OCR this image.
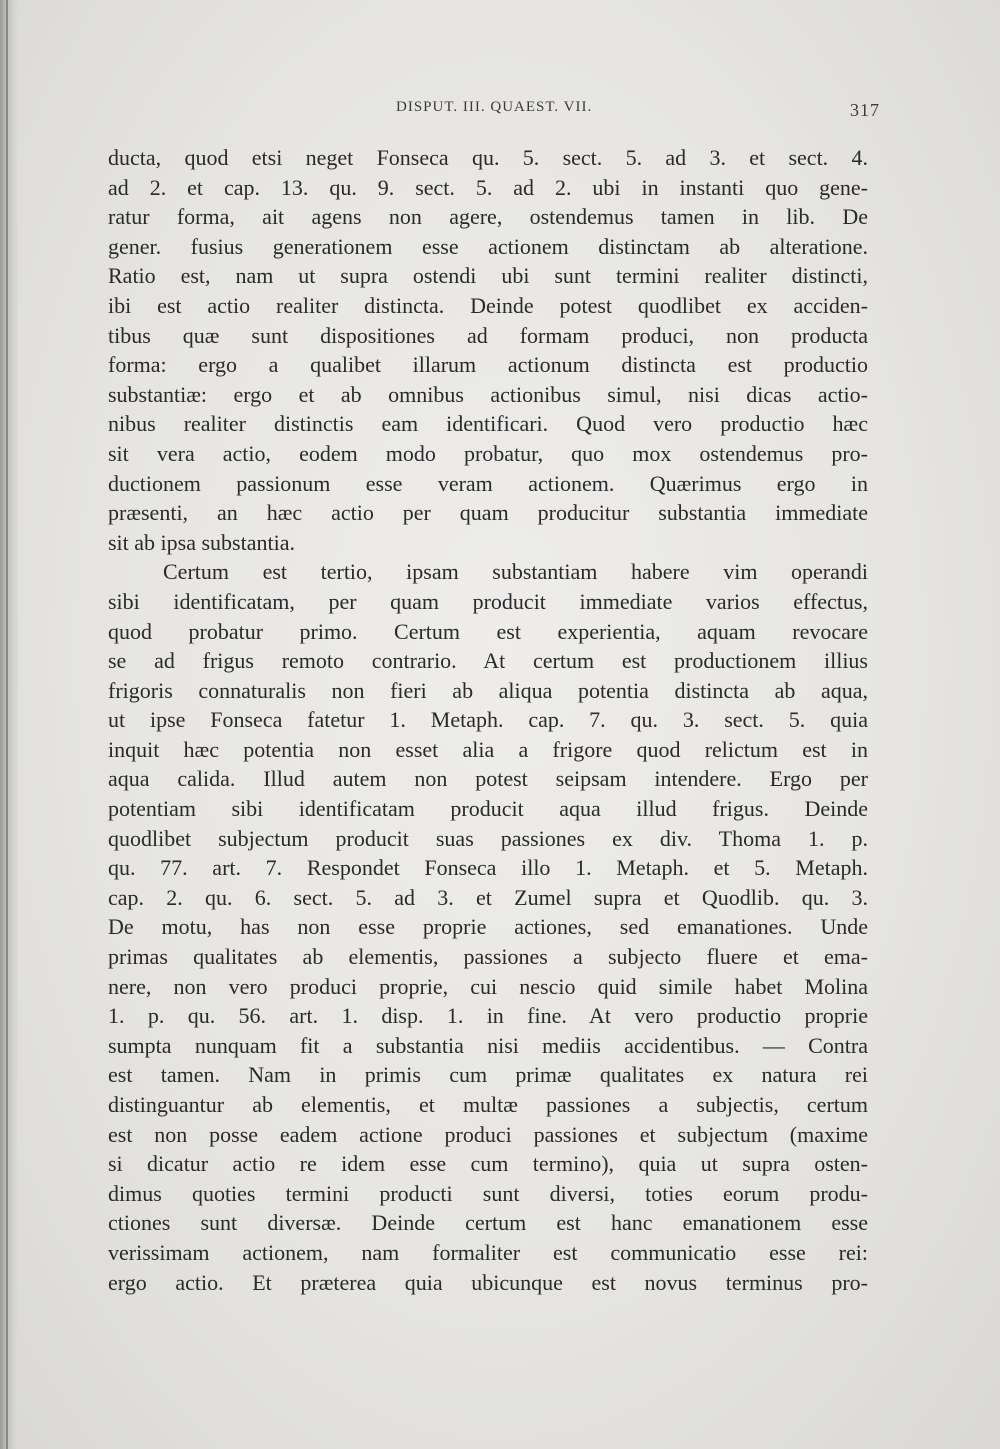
DISPUT. III. QUAEST. VII.	317
ducta, quod etsi neget Fonseca qu. 5. sect. 5. ad 3. et sect. 4.
ad 2. et cap. 13. qu. 9. sect. 5. ad 2. ubi in instanti quo gene-
ratur forma, ait agens non agere, ostendemus tamen in lib. De
gener. fusius generationem esse actionem distinctam ab alteratione.
Ratio est, nam ut supra ostendi ubi sunt termini realiter distincti,
ibi est actio realiter distincta. Deinde potest quodlibet ex acciden-
tibus quæ sunt dispositiones ad formam produci, non producta
forma: ergo a qualibet illarum actionum distincta est productio
substantiæ: ergo et ab omnibus actionibus simul, nisi dicas actio-
nibus realiter distinctis eam identificari. Quod vero productio hæc
sit vera actio, eodem modo probatur, quo mox ostendemus pro-
ductionem passionum esse veram actionem. Quærimus ergo in
præsenti, an hæc actio per quam producitur substantia immediate
sit ab ipsa substantia.
Certum est tertio, ipsam substantiam habere vim operandi
sibi identificatam, per quam producit immediate varios effectus,
quod probatur primo. Certum est experientia, aquam revocare
se ad frigus remoto contrario. At certum est productionem illius
frigoris connaturalis non fieri ab aliqua potentia distincta ab aqua,
ut ipse Fonseca fatetur 1. Metaph. cap. 7. qu. 3. sect. 5. quia
inquit hæc potentia non esset alia a frigore quod relictum est in
aqua calida. Illud autem non potest seipsam intendere. Ergo per
potentiam sibi identificatam producit aqua illud frigus. Deinde
quodlibet subjectum producit suas passiones ex div. Thoma 1. p.
qu. 77. art. 7. Respondet Fonseca illo 1. Metaph. et 5. Metaph.
cap. 2. qu. 6. sect. 5. ad 3. et Zumel supra et Quodlib. qu. 3.
De motu, has non esse proprie actiones, sed emanationes. Unde
primas qualitates ab elementis, passiones a subjecto fluere et ema-
nere, non vero produci proprie, cui nescio quid simile habet Molina
1. p. qu. 56. art. 1. disp. 1. in fine. At vero productio proprie
sumpta nunquam fit a substantia nisi mediis accidentibus. — Contra
est tamen. Nam in primis cum primæ qualitates ex natura rei
distinguantur ab elementis, et multæ passiones a subjectis, certum
est non posse eadem actione produci passiones et subjectum (maxime
si dicatur actio re idem esse cum termino), quia ut supra osten-
dimus quoties termini producti sunt diversi, toties eorum produ-
ctiones sunt diversæ. Deinde certum est hanc emanationem esse
verissimam actionem, nam formaliter est communicatio esse rei:
ergo actio. Et præterea quia ubicunque est novus terminus pro-
